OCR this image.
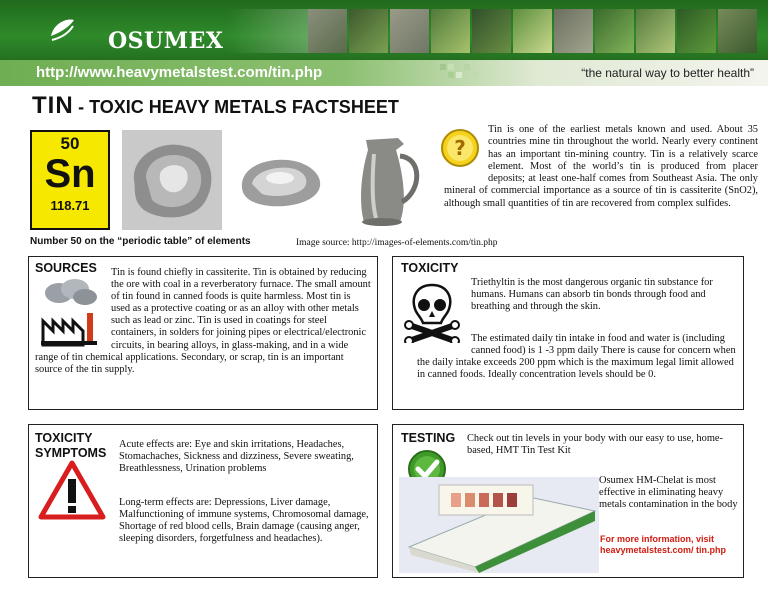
OSUMEX
http://www.heavymetalstest.com/tin.php	“the natural way to better health”
TIN - TOXIC HEAVY METALS FACTSHEET
50
Sn
118.71
Number 50 on the “periodic table” of elements	Image source: http://images-of-elements.com/tin.php
?
Tin is one of the earliest metals known and used. About 35 countries mine tin throughout the world. Nearly every continent has an important tin-mining country. Tin is a relatively scarce element. Most of the world’s tin is produced from placer deposits; at least one-half comes from Southeast Asia. The only mineral of commercial importance as a source of tin is cassiterite (SnO2), although small quantities of tin are recovered from complex sulfides.
SOURCES	Tin is found chiefly in cassiterite. Tin is obtained by reducing the ore with coal in a reverberatory furnace. The small amount of tin found in canned foods is quite harmless. Most tin is used as a protective coating or as an alloy with other metals such as lead or zinc. Tin is used in coatings for steel containers, in solders for joining pipes or electrical/electronic circuits, in bearing alloys, in glass-making, and in a wide range of tin chemical applications. Secondary, or scrap, tin is an important source of the tin supply.
TOXICITY
Triethyltin is the most dangerous organic tin substance for humans. Humans can absorb tin bonds through food and breathing and through the skin.
The estimated daily tin intake in food and water is (including canned food) is 1 -3 ppm daily There is cause for concern when the daily intake exceeds 200 ppm which is the maximum legal limit allowed in canned foods. Ideally concentration levels should be 0.
TOXICITY
SYMPTOMS
Acute effects are: Eye and skin irritations, Headaches, Stomachaches, Sickness and dizziness, Severe sweating, Breathlessness, Urination problems
Long-term effects are: Depressions, Liver damage, Malfunctioning of immune systems, Chromosomal damage, Shortage of red blood cells, Brain damage (causing anger, sleeping disorders, forgetfulness and headaches).
TESTING Check out tin levels in your body with our easy to use, home-based, HMT Tin Test Kit
Osumex HM-Chelat is most effective in eliminating heavy metals contamination in the body
For more information, visit heavymetalstest.com/ tin.php
